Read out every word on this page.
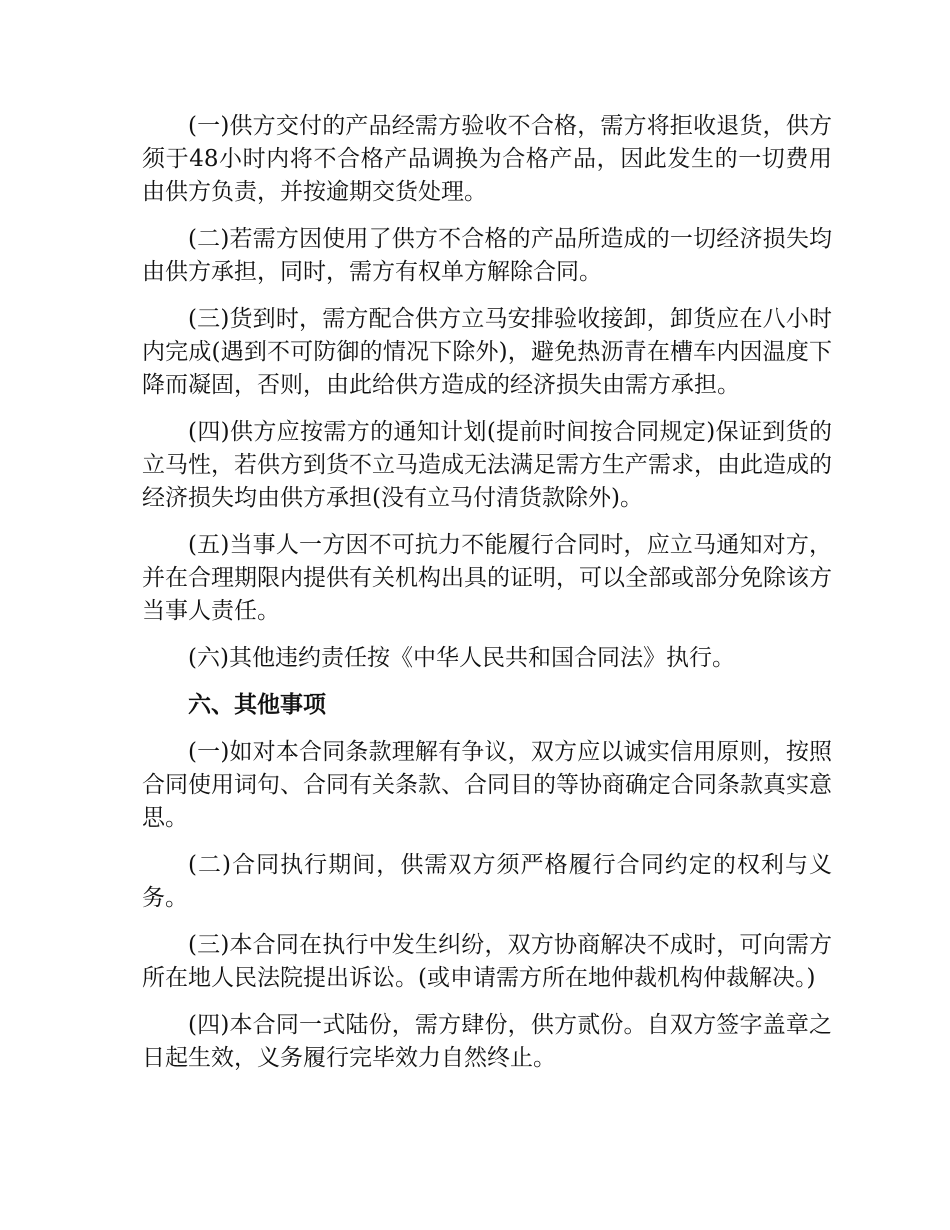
(一)供方交付的产品经需方验收不合格，需方将拒收退货，供方须于48小时内将不合格产品调换为合格产品，因此发生的一切费用由供方负责，并按逾期交货处理。

(二)若需方因使用了供方不合格的产品所造成的一切经济损失均由供方承担，同时，需方有权单方解除合同。

(三)货到时，需方配合供方立马安排验收接卸，卸货应在八小时内完成(遇到不可防御的情况下除外)，避免热沥青在槽车内因温度下降而凝固，否则，由此给供方造成的经济损失由需方承担。

(四)供方应按需方的通知计划(提前时间按合同规定)保证到货的立马性，若供方到货不立马造成无法满足需方生产需求，由此造成的经济损失均由供方承担(没有立马付清货款除外)。

(五)当事人一方因不可抗力不能履行合同时，应立马通知对方，并在合理期限内提供有关机构出具的证明，可以全部或部分免除该方当事人责任。

(六)其他违约责任按《中华人民共和国合同法》执行。

六、其他事项

(一)如对本合同条款理解有争议，双方应以诚实信用原则，按照合同使用词句、合同有关条款、合同目的等协商确定合同条款真实意思。

(二)合同执行期间，供需双方须严格履行合同约定的权利与义务。

(三)本合同在执行中发生纠纷，双方协商解决不成时，可向需方所在地人民法院提出诉讼。(或申请需方所在地仲裁机构仲裁解决。)

(四)本合同一式陆份，需方肆份，供方贰份。自双方签字盖章之日起生效，义务履行完毕效力自然终止。
